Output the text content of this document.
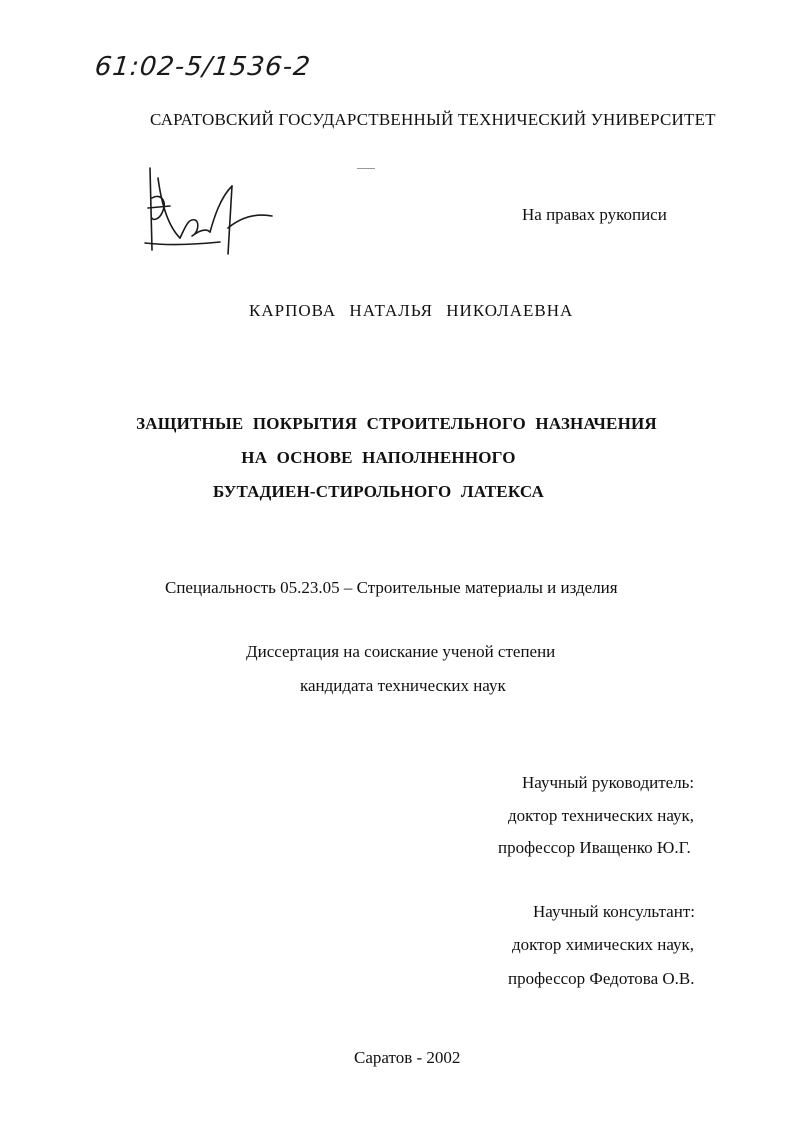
61:02-5/1536-2
САРАТОВСКИЙ ГОСУДАРСТВЕННЫЙ ТЕХНИЧЕСКИЙ УНИВЕРСИТЕТ
На правах рукописи
КАРПОВА НАТАЛЬЯ НИКОЛАЕВНА
ЗАЩИТНЫЕ ПОКРЫТИЯ СТРОИТЕЛЬНОГО НАЗНАЧЕНИЯ
НА ОСНОВЕ НАПОЛНЕННОГО
БУТАДИЕН-СТИРОЛЬНОГО ЛАТЕКСА
Специальность 05.23.05 – Строительные материалы и изделия
Диссертация на соискание ученой степени
кандидата технических наук
Научный руководитель:
доктор технических наук,
профессор Иващенко Ю.Г.
Научный консультант:
доктор химических наук,
профессор Федотова О.В.
Саратов - 2002
